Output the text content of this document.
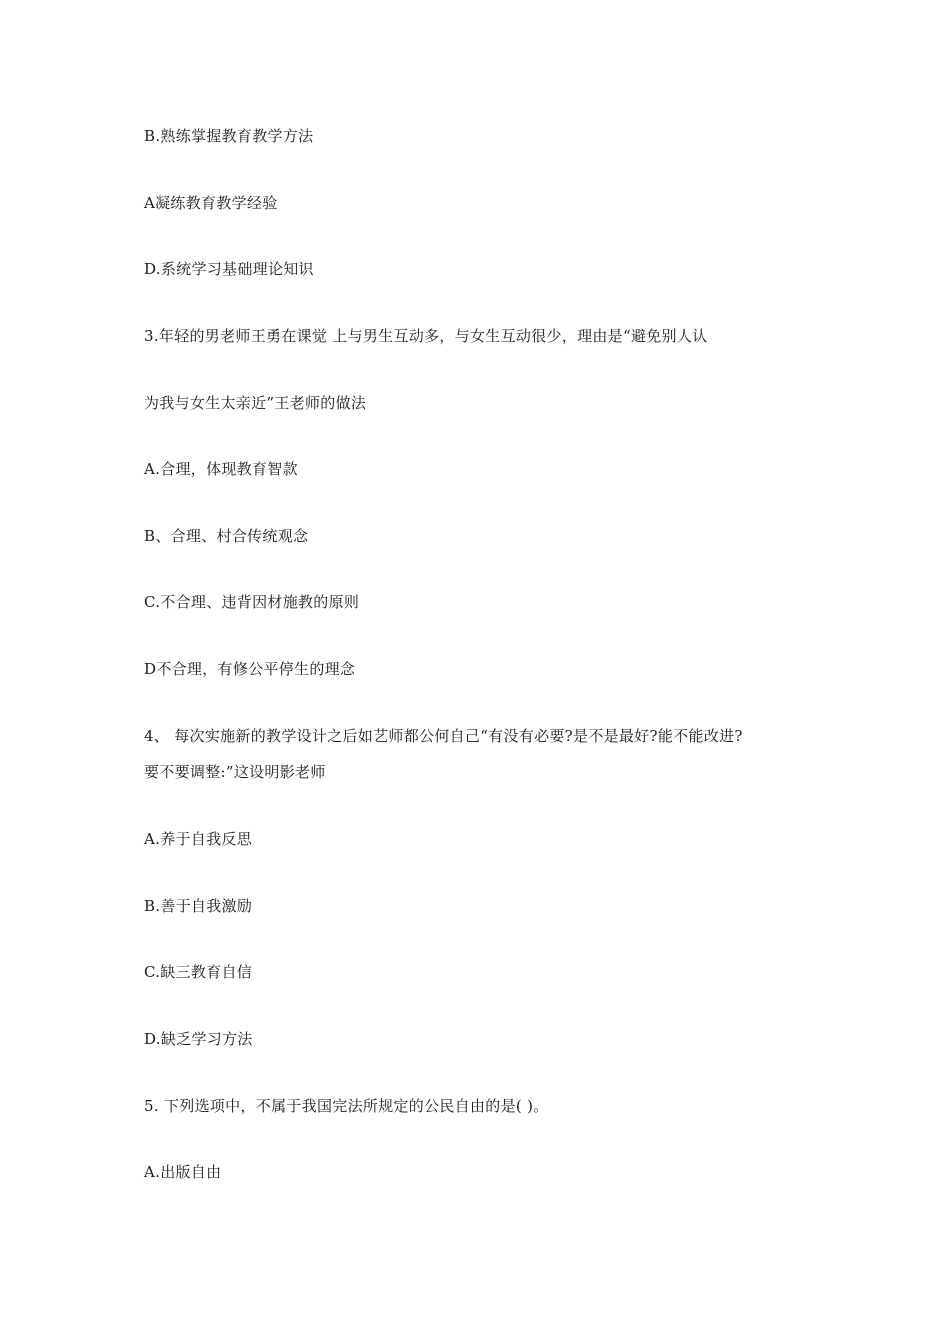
B.熟练掌握教育教学方法
A凝练教育教学经验
D.系统学习基础理论知识
3.年轻的男老师王勇在课觉 上与男生互动多，与女生互动很少，理由是“避免别人认
为我与女生太亲近”王老师的做法
A.合理，体现教育智款
B、合理、村合传统观念
C.不合理、违背因材施教的原则
D不合理，有修公平停生的理念
4、 每次实施新的教学设计之后如艺师都公何自己“有没有必要?是不是最好?能不能改进?
要不要调整:”这设明影老师
A.养于自我反思
B.善于自我激励
C.缺三教育自信
D.缺乏学习方法
5. 下列选项中，不属于我国完法所规定的公民自由的是( )。
A.出版自由
